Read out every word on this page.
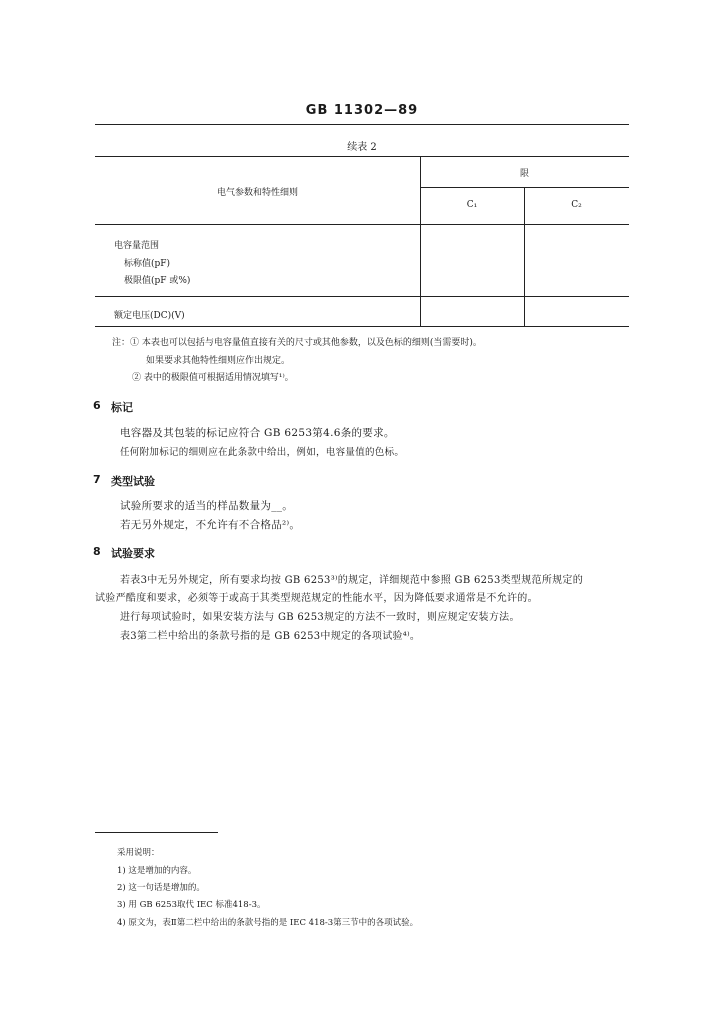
GB 11302—89
续表 2
电气参数和特性细则
限
C₁	C₂
电容量范围
标称值(pF)
极限值(pF 或%)
额定电压(DC)(V)
注：① 本表也可以包括与电容量值直接有关的尺寸或其他参数，以及色标的细则(当需要时)。
如果要求其他特性细则应作出规定。
② 表中的极限值可根据适用情况填写¹⁾。
6 标记
电容器及其包装的标记应符合 GB 6253第4.6条的要求。
任何附加标记的细则应在此条款中给出，例如，电容量值的色标。
7 类型试验
试验所要求的适当的样品数量为__。
若无另外规定，不允许有不合格品²⁾。
8 试验要求
若表3中无另外规定，所有要求均按 GB 6253³⁾的规定，详细规范中参照 GB 6253类型规范所规定的
试验严酷度和要求，必须等于或高于其类型规范规定的性能水平，因为降低要求通常是不允许的。
进行每项试验时，如果安装方法与 GB 6253规定的方法不一致时，则应规定安装方法。
表3第二栏中给出的条款号指的是 GB 6253中规定的各项试验⁴⁾。
采用说明：
1) 这是增加的内容。
2) 这一句话是增加的。
3) 用 GB 6253取代 IEC 标准418-3。
4) 原文为，表Ⅱ第二栏中给出的条款号指的是 IEC 418-3第三节中的各项试验。
